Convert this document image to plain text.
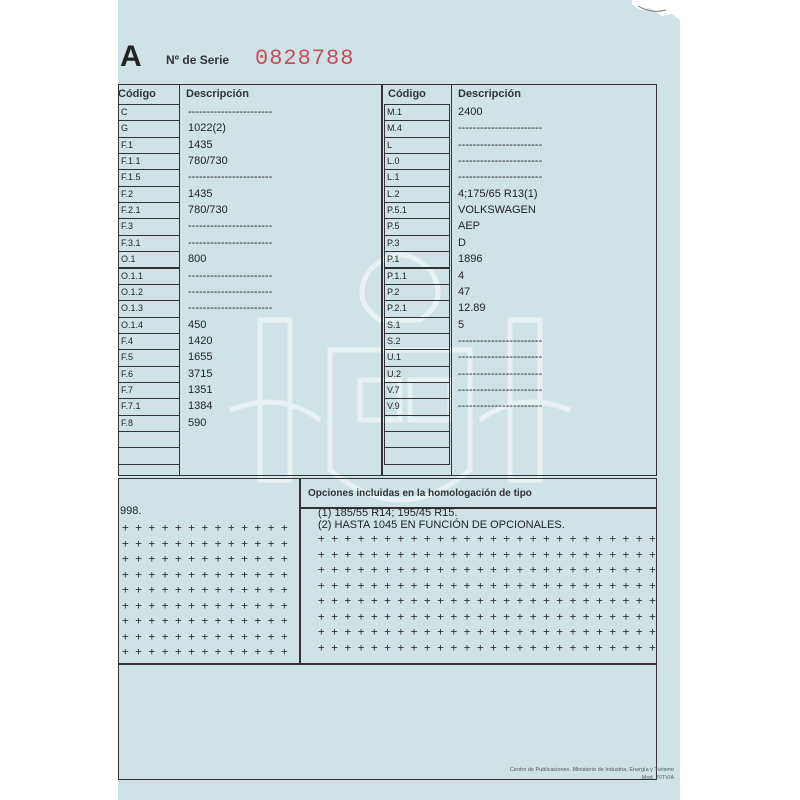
A Nº de Serie 0828788
Código	Descripción
C	-----------------------
G	1022(2)
F.1	1435
F.1.1	780/730
F.1.5	-----------------------
F.2	1435
F.2.1	780/730
F.3	-----------------------
F.3.1	-----------------------
O.1	800
O.1.1	-----------------------
O.1.2	-----------------------
O.1.3	-----------------------
O.1.4	450
F.4	1420
F.5	1655
F.6	3715
F.7	1351
F.7.1	1384
F.8	590
Código	Descripción
M.1	2400
M.4	-----------------------
L	-----------------------
L.0	-----------------------
L.1	-----------------------
L.2	4;175/65 R13(1)
P.5.1	VOLKSWAGEN
P.5	AEP
P.3	D
P.1	1896
P.1.1	4
P.2	47
P.2.1	12.89
S.1	5
S.2	-----------------------
U.1	-----------------------
U.2	-----------------------
V.7	-----------------------
V.9	-----------------------
998.
Opciones incluidas en la homologación de tipo
(1) 185/55 R14; 195/45 R15.
(2) HASTA 1045 EN FUNCIÓN DE OPCIONALES.
+ + + + + + + + + + + + +
+ + + + + + + + + + + + +
+ + + + + + + + + + + + +
+ + + + + + + + + + + + +
+ + + + + + + + + + + + +
+ + + + + + + + + + + + +
+ + + + + + + + + + + + +
+ + + + + + + + + + + + +
+ + + + + + + + + + + + +
+ + + + + + + + + + + + + + + + + + + + + + + + + +
+ + + + + + + + + + + + + + + + + + + + + + + + + +
+ + + + + + + + + + + + + + + + + + + + + + + + + +
+ + + + + + + + + + + + + + + + + + + + + + + + + +
+ + + + + + + + + + + + + + + + + + + + + + + + + +
+ + + + + + + + + + + + + + + + + + + + + + + + + +
+ + + + + + + + + + + + + + + + + + + + + + + + + +
+ + + + + + + + + + + + + + + + + + + + + + + + + +
Centro de Publicaciones. Ministerio de Industria, Energía y Turismo
Mod. 7/ITV/A
